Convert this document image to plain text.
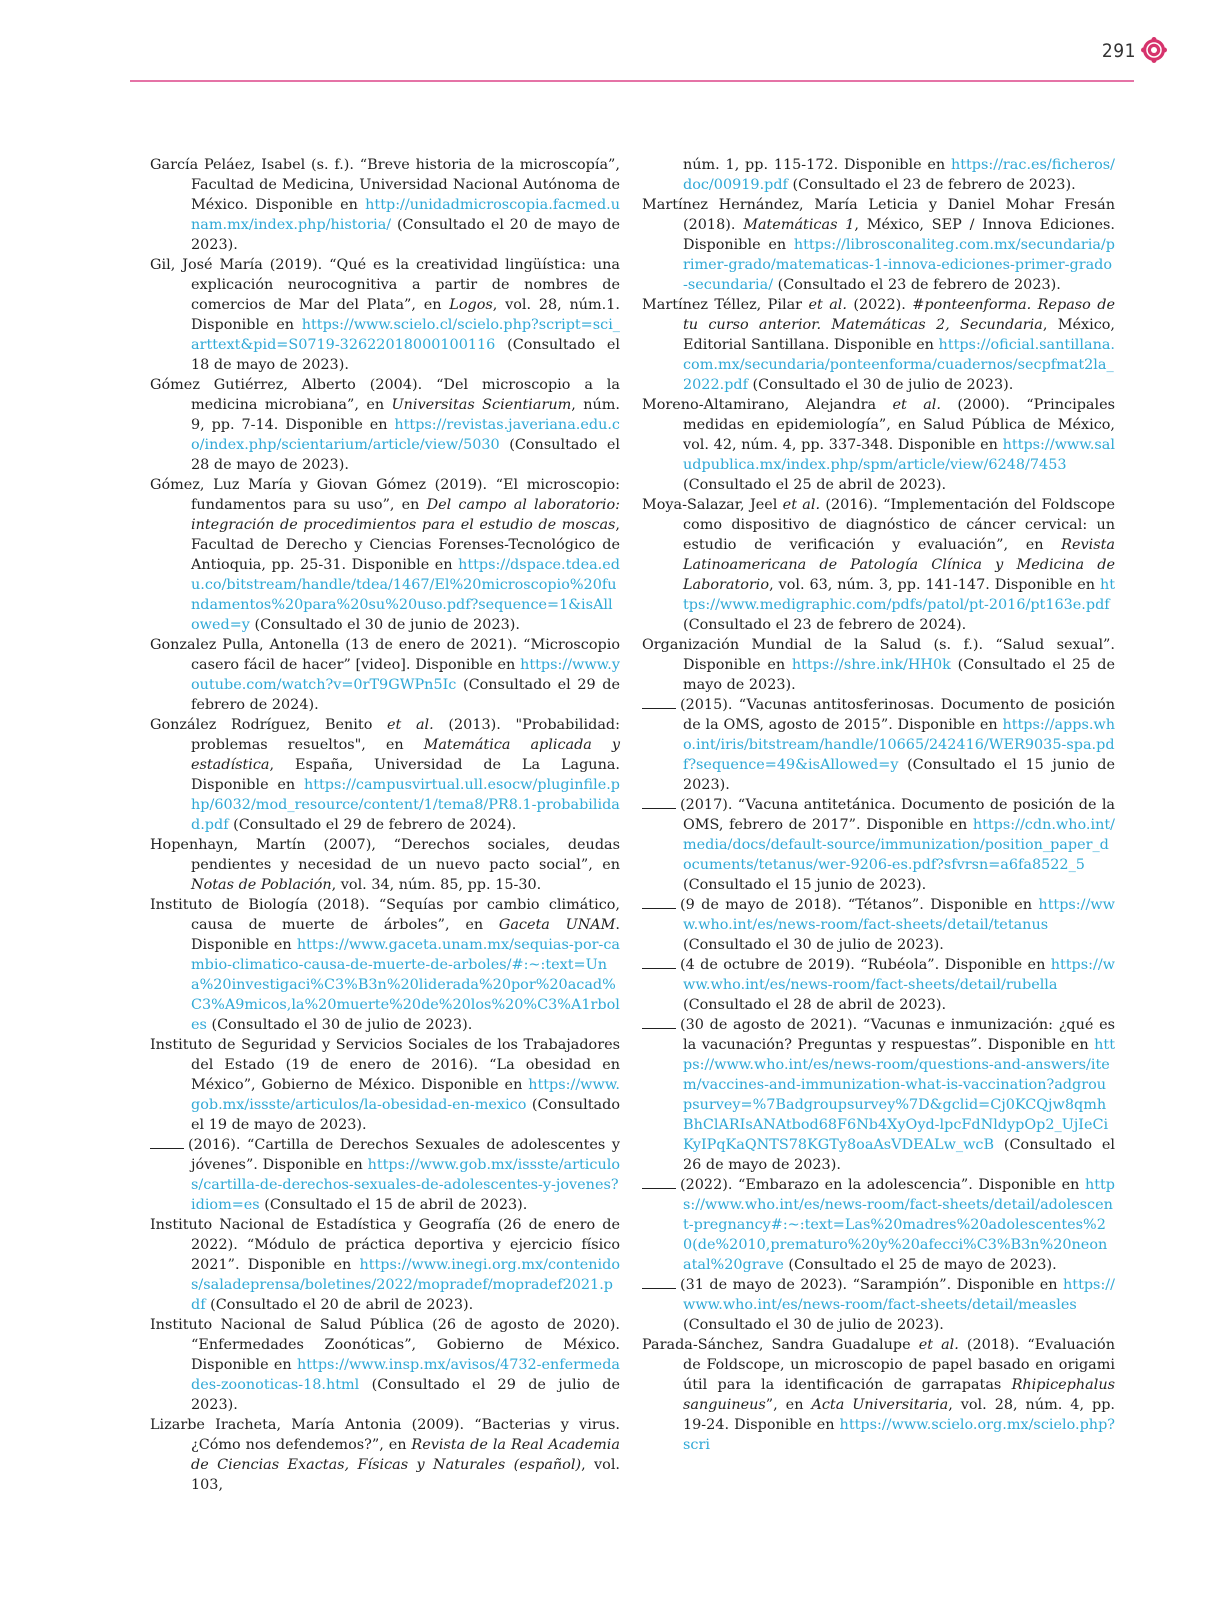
291

García Peláez, Isabel (s. f.). “Breve historia de la microscopía”, Facultad de Medicina, Universidad Nacional Autónoma de México. Disponible en http://unidadmicroscopia.facmed.unam.mx/index.php/historia/ (Consultado el 20 de mayo de 2023).

Gil, José María (2019). “Qué es la creatividad lingüística: una explicación neurocognitiva a partir de nombres de comercios de Mar del Plata”, en Logos, vol. 28, núm.1. Disponible en https://www.scielo.cl/scielo.php?script=sci_arttext&pid=S0719-32622018000100116 (Consultado el 18 de mayo de 2023).

Gómez Gutiérrez, Alberto (2004). “Del microscopio a la medicina microbiana”, en Universitas Scientiarum, núm. 9, pp. 7-14. Disponible en https://revistas.javeriana.edu.co/index.php/scientarium/article/view/5030 (Consultado el 28 de mayo de 2023).

Gómez, Luz María y Giovan Gómez (2019). “El microscopio: fundamentos para su uso”, en Del campo al laboratorio: integración de procedimientos para el estudio de moscas, Facultad de Derecho y Ciencias Forenses-Tecnológico de Antioquia, pp. 25-31. Disponible en https://dspace.tdea.edu.co/bitstream/handle/tdea/1467/El%20microscopio%20fundamentos%20para%20su%20uso.pdf?sequence=1&isAllowed=y (Consultado el 30 de junio de 2023).

Gonzalez Pulla, Antonella (13 de enero de 2021). “Microscopio casero fácil de hacer” [video]. Disponible en https://www.youtube.com/watch?v=0rT9GWPn5Ic (Consultado el 29 de febrero de 2024).

González Rodríguez, Benito et al. (2013). "Probabilidad: problemas resueltos", en Matemática aplicada y estadística, España, Universidad de La Laguna. Disponible en https://campusvirtual.ull.esocw/pluginfile.php/6032/mod_resource/content/1/tema8/PR8.1-probabilidad.pdf (Consultado el 29 de febrero de 2024).

Hopenhayn, Martín (2007), “Derechos sociales, deudas pendientes y necesidad de un nuevo pacto social”, en Notas de Población, vol. 34, núm. 85, pp. 15-30.

Instituto de Biología (2018). “Sequías por cambio climático, causa de muerte de árboles”, en Gaceta UNAM. Disponible en https://www.gaceta.unam.mx/sequias-por-cambio-climatico-causa-de-muerte-de-arboles/#:~:text=Una%20investigaci%C3%B3n%20liderada%20por%20acad%C3%A9micos,la%20muerte%20de%20los%20%C3%A1rboles (Consultado el 30 de julio de 2023).

Instituto de Seguridad y Servicios Sociales de los Trabajadores del Estado (19 de enero de 2016). “La obesidad en México”, Gobierno de México. Disponible en https://www.gob.mx/issste/articulos/la-obesidad-en-mexico (Consultado el 19 de mayo de 2023).

(2016). “Cartilla de Derechos Sexuales de adolescentes y jóvenes”. Disponible en https://www.gob.mx/issste/articulos/cartilla-de-derechos-sexuales-de-adolescentes-y-jovenes?idiom=es (Consultado el 15 de abril de 2023).

Instituto Nacional de Estadística y Geografía (26 de enero de 2022). “Módulo de práctica deportiva y ejercicio físico 2021”. Disponible en https://www.inegi.org.mx/contenidos/saladeprensa/boletines/2022/mopradef/mopradef2021.pdf (Consultado el 20 de abril de 2023).

Instituto Nacional de Salud Pública (26 de agosto de 2020). “Enfermedades Zoonóticas”, Gobierno de México. Disponible en https://www.insp.mx/avisos/4732-enfermedades-zoonoticas-18.html (Consultado el 29 de julio de 2023).

Lizarbe Iracheta, María Antonia (2009). “Bacterias y virus. ¿Cómo nos defendemos?”, en Revista de la Real Academia de Ciencias Exactas, Físicas y Naturales (español), vol. 103,

núm. 1, pp. 115-172. Disponible en https://rac.es/ficheros/doc/00919.pdf (Consultado el 23 de febrero de 2023).

Martínez Hernández, María Leticia y Daniel Mohar Fresán (2018). Matemáticas 1, México, SEP / Innova Ediciones. Disponible en https://librosconaliteg.com.mx/secundaria/primer-grado/matematicas-1-innova-ediciones-primer-grado-secundaria/ (Consultado el 23 de febrero de 2023).

Martínez Téllez, Pilar et al. (2022). #ponteenforma. Repaso de tu curso anterior. Matemáticas 2, Secundaria, México, Editorial Santillana. Disponible en https://oficial.santillana.com.mx/secundaria/ponteenforma/cuadernos/secpfmat2la_2022.pdf (Consultado el 30 de julio de 2023).

Moreno-Altamirano, Alejandra et al. (2000). “Principales medidas en epidemiología”, en Salud Pública de México, vol. 42, núm. 4, pp. 337-348. Disponible en https://www.saludpublica.mx/index.php/spm/article/view/6248/7453 (Consultado el 25 de abril de 2023).

Moya-Salazar, Jeel et al. (2016). “Implementación del Foldscope como dispositivo de diagnóstico de cáncer cervical: un estudio de verificación y evaluación”, en Revista Latinoamericana de Patología Clínica y Medicina de Laboratorio, vol. 63, núm. 3, pp. 141-147. Disponible en https://www.medigraphic.com/pdfs/patol/pt-2016/pt163e.pdf (Consultado el 23 de febrero de 2024).

Organización Mundial de la Salud (s. f.). “Salud sexual”. Disponible en https://shre.ink/HH0k (Consultado el 25 de mayo de 2023).

(2015). “Vacunas antitosferinosas. Documento de posición de la OMS, agosto de 2015”. Disponible en https://apps.who.int/iris/bitstream/handle/10665/242416/WER9035-spa.pdf?sequence=49&isAllowed=y (Consultado el 15 junio de 2023).

(2017). “Vacuna antitetánica. Documento de posición de la OMS, febrero de 2017”. Disponible en https://cdn.who.int/media/docs/default-source/immunization/position_paper_documents/tetanus/wer-9206-es.pdf?sfvrsn=a6fa8522_5 (Consultado el 15 junio de 2023).

(9 de mayo de 2018). “Tétanos”. Disponible en https://www.who.int/es/news-room/fact-sheets/detail/tetanus (Consultado el 30 de julio de 2023).

(4 de octubre de 2019). “Rubéola”. Disponible en https://www.who.int/es/news-room/fact-sheets/detail/rubella (Consultado el 28 de abril de 2023).

(30 de agosto de 2021). “Vacunas e inmunización: ¿qué es la vacunación? Preguntas y respuestas”. Disponible en https://www.who.int/es/news-room/questions-and-answers/item/vaccines-and-immunization-what-is-vaccination?adgroupsurvey=%7Badgroupsurvey%7D&gclid=Cj0KCQjw8qmhBhClARIsANAtbod68F6Nb4XyOyd-lpcFdNldypOp2_UjIeCiKyIPqKaQNTS78KGTy8oaAsVDEALw_wcB (Consultado el 26 de mayo de 2023).

(2022). “Embarazo en la adolescencia”. Disponible en https://www.who.int/es/news-room/fact-sheets/detail/adolescent-pregnancy#:~:text=Las%20madres%20adolescentes%20(de%2010,prematuro%20y%20afecci%C3%B3n%20neonatal%20grave (Consultado el 25 de mayo de 2023).

(31 de mayo de 2023). “Sarampión”. Disponible en https://www.who.int/es/news-room/fact-sheets/detail/measles (Consultado el 30 de julio de 2023).

Parada-Sánchez, Sandra Guadalupe et al. (2018). “Evaluación de Foldscope, un microscopio de papel basado en origami útil para la identificación de garrapatas Rhipicephalus sanguineus”, en Acta Universitaria, vol. 28, núm. 4, pp. 19-24. Disponible en https://www.scielo.org.mx/scielo.php?scri
